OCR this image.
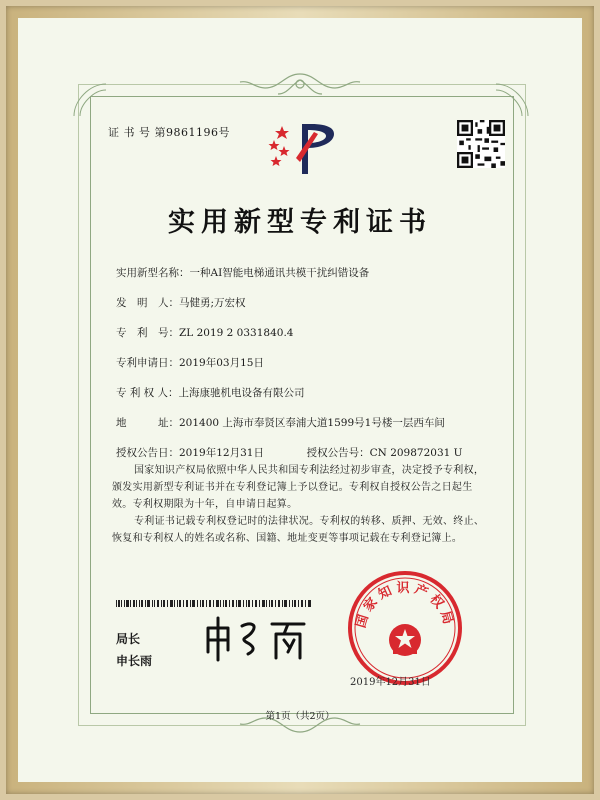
证 书 号 第9861196号
实用新型专利证书
实用新型名称：一种AI智能电梯通讯共模干扰纠错设备
发　明　人：马健勇;万宏权
专　利　号：ZL 2019 2 0331840.4
专利申请日：2019年03月15日
专 利 权 人：上海康驰机电设备有限公司
地　　　址：201400 上海市奉贤区奉浦大道1599号1号楼一层西车间
授权公告日：2019年12月31日	授权公告号：CN 209872031 U
国家知识产权局依照中华人民共和国专利法经过初步审查，决定授予专利权，颁发实用新型专利证书并在专利登记簿上予以登记。专利权自授权公告之日起生效。专利权期限为十年，自申请日起算。
专利证书记载专利权登记时的法律状况。专利权的转移、质押、无效、终止、恢复和专利权人的姓名或名称、国籍、地址变更等事项记载在专利登记簿上。
局长
申长雨
国家知识产权局
2019年12月31日
第1页（共2页）
